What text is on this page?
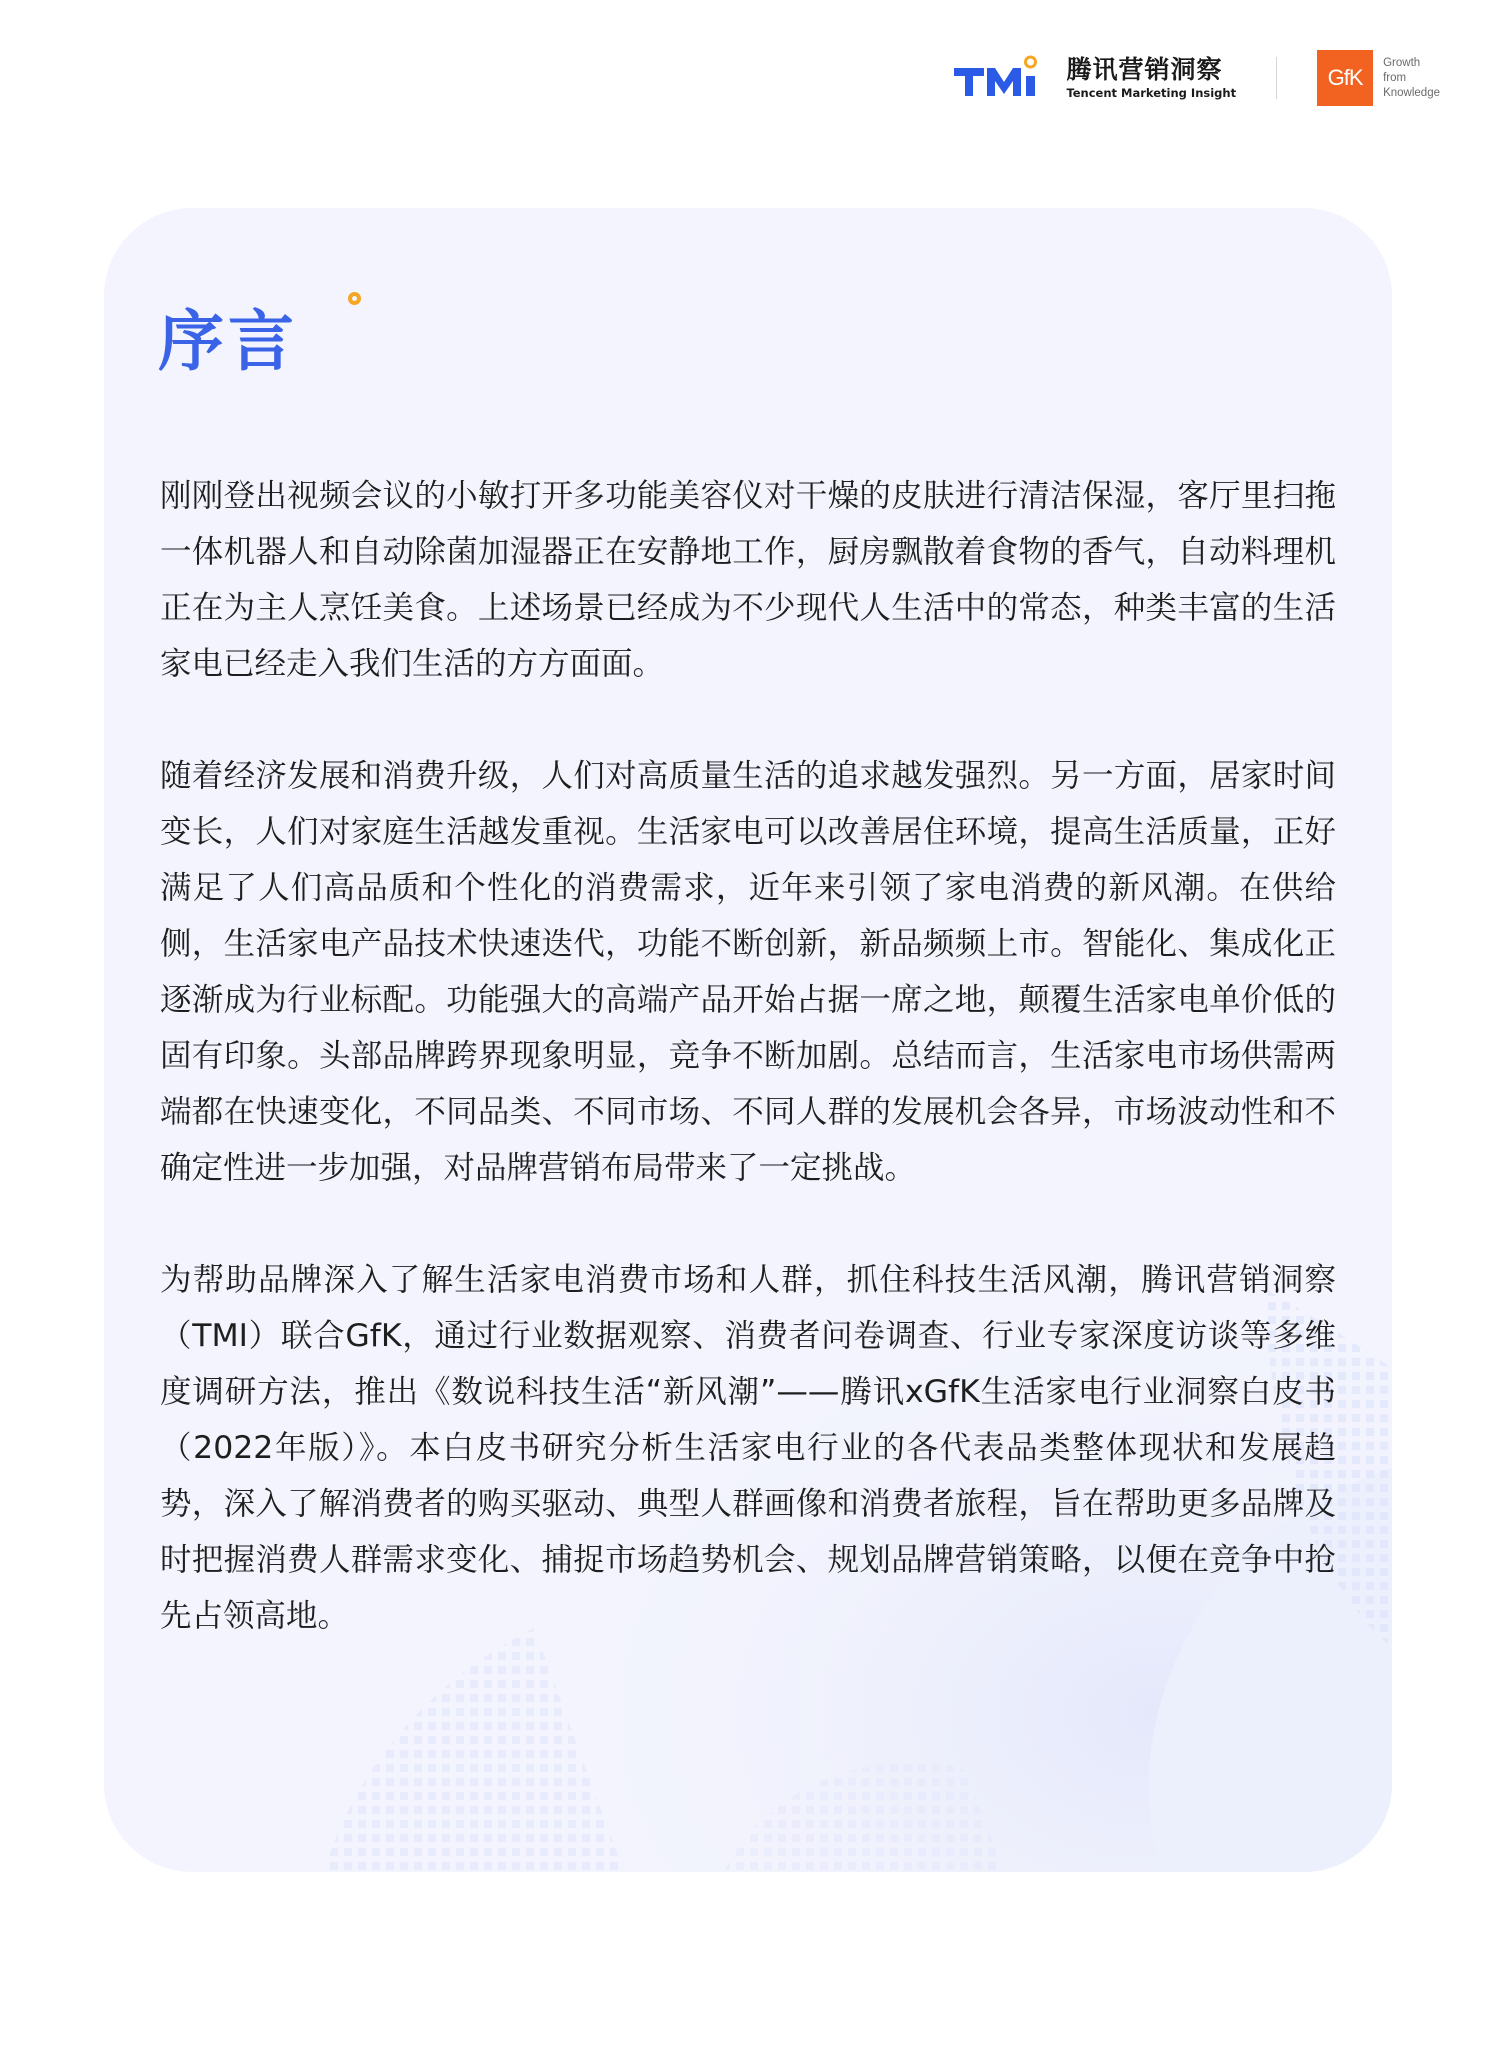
腾讯营销洞察
Tencent Marketing Insight
GfK
Growth
from
Knowledge
序言

刚刚登出视频会议的小敏打开多功能美容仪对干燥的皮肤进行清洁保湿，客厅里扫拖一体机器人和自动除菌加湿器正在安静地工作，厨房飘散着食物的香气，自动料理机正在为主人烹饪美食。上述场景已经成为不少现代人生活中的常态，种类丰富的生活家电已经走入我们生活的方方面面。

随着经济发展和消费升级，人们对高质量生活的追求越发强烈。另一方面，居家时间变长，人们对家庭生活越发重视。生活家电可以改善居住环境，提高生活质量，正好满足了人们高品质和个性化的消费需求，近年来引领了家电消费的新风潮。在供给侧，生活家电产品技术快速迭代，功能不断创新，新品频频上市。智能化、集成化正逐渐成为行业标配。功能强大的高端产品开始占据一席之地，颠覆生活家电单价低的固有印象。头部品牌跨界现象明显，竞争不断加剧。总结而言，生活家电市场供需两端都在快速变化，不同品类、不同市场、不同人群的发展机会各异，市场波动性和不确定性进一步加强，对品牌营销布局带来了一定挑战。

为帮助品牌深入了解生活家电消费市场和人群，抓住科技生活风潮，腾讯营销洞察（TMI）联合GfK，通过行业数据观察、消费者问卷调查、行业专家深度访谈等多维度调研方法，推出《数说科技生活“新风潮”——腾讯xGfK生活家电行业洞察白皮书（2022年版）》。本白皮书研究分析生活家电行业的各代表品类整体现状和发展趋势，深入了解消费者的购买驱动、典型人群画像和消费者旅程，旨在帮助更多品牌及时把握消费人群需求变化、捕捉市场趋势机会、规划品牌营销策略，以便在竞争中抢先占领高地。
